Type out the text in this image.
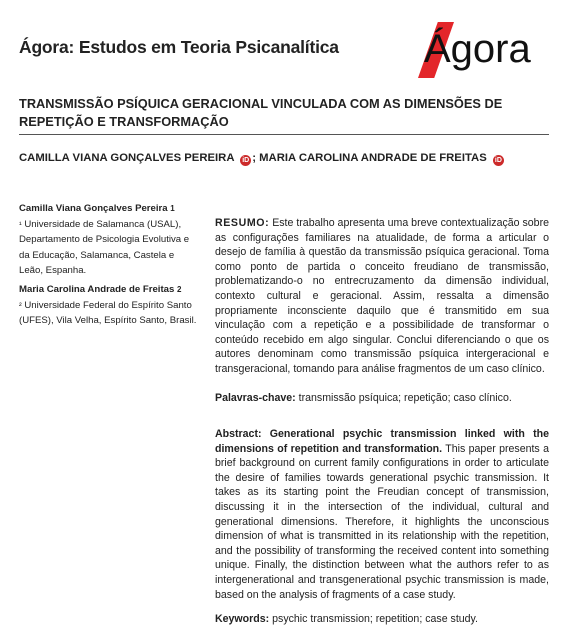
Ágora: Estudos em Teoria Psicanalítica Ágora
TRANSMISSÃO PSÍQUICA GERACIONAL VINCULADA COM AS DIMENSÕES DE REPETIÇÃO E TRANSFORMAÇÃO
CAMILLA VIANA GONÇALVES PEREIRA iD ; MARIA CAROLINA ANDRADE DE FREITAS iD
Camilla Viana Gonçalves Pereira 1
¹ Universidade de Salamanca (USAL), Departamento de Psicologia Evolutiva e da Educação, Salamanca, Castela e Leão, Espanha.
Maria Carolina Andrade de Freitas 2
² Universidade Federal do Espírito Santo (UFES), Vila Velha, Espírito Santo, Brasil.
RESUMO: Este trabalho apresenta uma breve contextualização sobre as configurações familiares na atualidade, de forma a articular o desejo de família à questão da transmissão psíquica geracional. Toma como ponto de partida o conceito freudiano de transmissão, problematizando-o no entrecruzamento da dimensão individual, contexto cultural e geracional. Assim, ressalta a dimensão propriamente inconsciente daquilo que é transmitido em sua vinculação com a repetição e a possibilidade de transformar o conteúdo recebido em algo singular. Conclui diferenciando o que os autores denominam como transmissão psíquica intergeracional e transgeracional, tomando para análise fragmentos de um caso clínico.
Palavras-chave: transmissão psíquica; repetição; caso clínico.
Abstract: Generational psychic transmission linked with the dimensions of repetition and transformation. This paper presents a brief background on current family configurations in order to articulate the desire of families towards generational psychic transmission. It takes as its starting point the Freudian concept of transmission, discussing it in the intersection of the individual, cultural and generational dimensions. Therefore, it highlights the unconscious dimension of what is transmitted in its relationship with the repetition, and the possibility of transforming the received content into something unique. Finally, the distinction between what the authors refer to as intergenerational and transgenerational psychic transmission is made, based on the analysis of fragments of a case study.
Keywords: psychic transmission; repetition; case study.
